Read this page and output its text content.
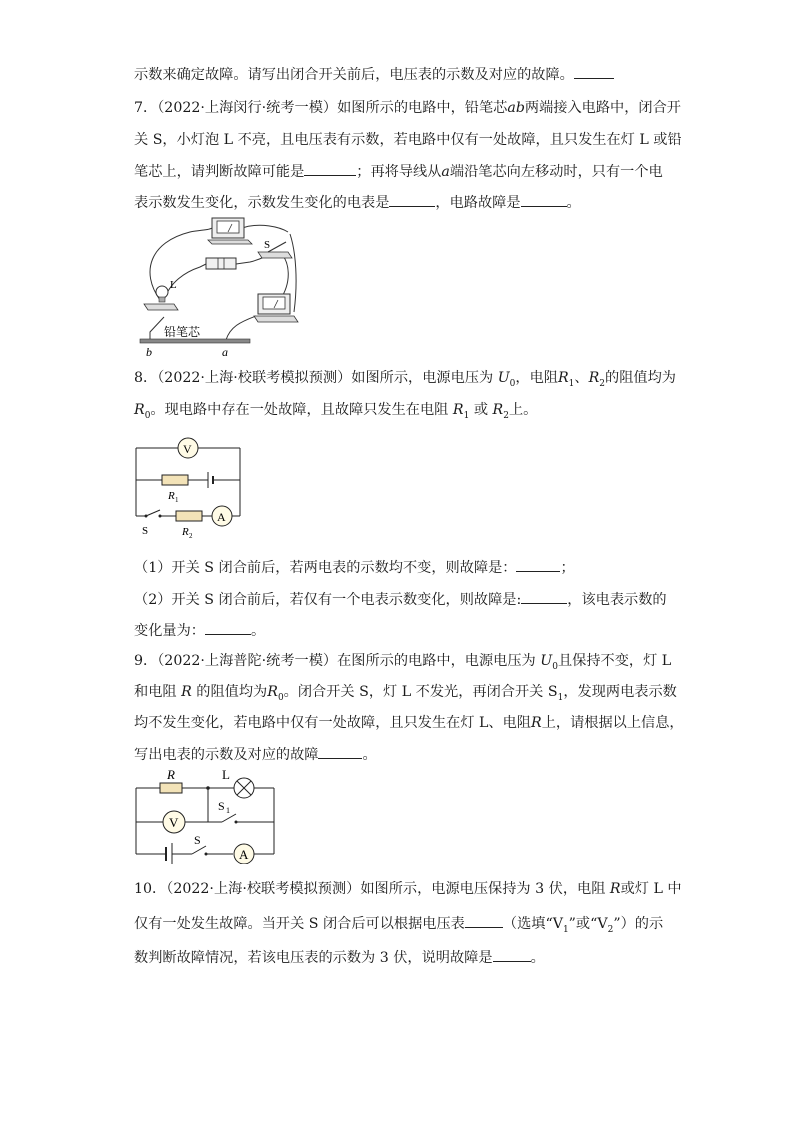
示数来确定故障。请写出闭合开关前后，电压表的示数及对应的故障。
7．（2022·上海闵行·统考一模）如图所示的电路中，铅笔芯ab两端接入电路中，闭合开
关 S，小灯泡 L 不亮，且电压表有示数，若电路中仅有一处故障，且只发生在灯 L 或铅
笔芯上，请判断故障可能是	；再将导线从a端沿笔芯向左移动时，只有一个电
表示数发生变化，示数发生变化的电表是	，电路故障是	。
S
L
铅笔芯
b	a
8．（2022·上海·校联考模拟预测）如图所示，电源电压为 $U_0$，电阻$R_1$、$R_2$的阻值均为
$R_0$。现电路中存在一处故障，且故障只发生在电阻 $R_1$ 或 $R_2$上。
V
R 1
A
S	R 2
（1）开关 S 闭合前后，若两电表的示数均不变，则故障是：	；
（2）开关 S 闭合前后，若仅有一个电表示数变化，则故障是:	，该电表示数的
变化量为：	。
9．（2022·上海普陀·统考一模）在图所示的电路中，电源电压为 $U_0$且保持不变，灯 L
和电阻 R 的阻值均为$R_0$。闭合开关 S，灯 L 不发光，再闭合开关 $S_1$，发现两电表示数
均不发生变化，若电路中仅有一处故障，且只发生在灯 L、电阻R上，请根据以上信息，
写出电表的示数及对应的故障	。
R	L
V
S 1
S
A
10．（2022·上海·校联考模拟预测）如图所示，电源电压保持为 3 伏，电阻 R或灯 L 中
仅有一处发生故障。当开关 S 闭合后可以根据电压表	（选填“$V_1$”或“$V_2$”）的示
数判断故障情况，若该电压表的示数为 3 伏，说明故障是	。
